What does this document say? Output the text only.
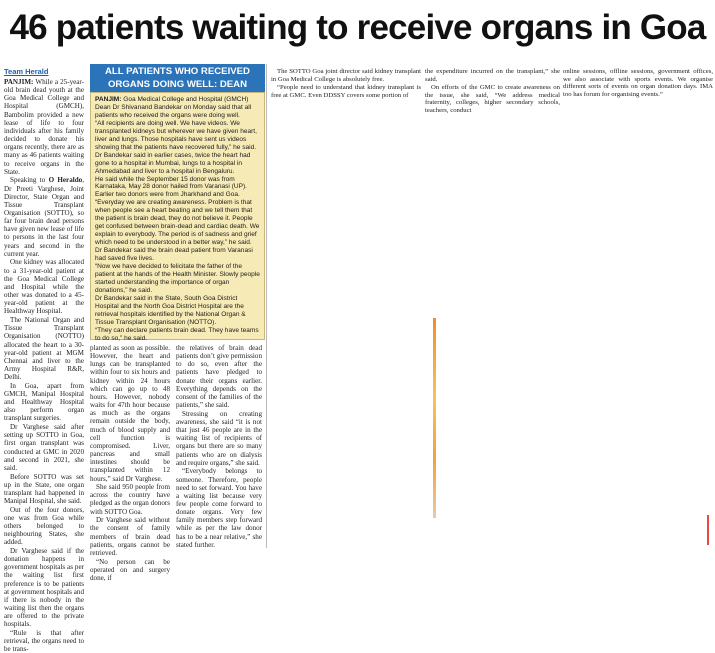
46 patients waiting to receive organs in Goa
Team Herald

PANJIM: While a 25-year-old brain dead youth at the Goa Medical College and Hospital (GMCH), Bambolim provided a new lease of life to four individuals after his family decided to donate his organs recently, there are as many as 46 patients waiting to receive organs in the State.

Speaking to O Heraldo, Dr Preeti Varghese, Joint Director, State Organ and Tissue Transplant Organisation (SOTTO), so far four brain dead persons have given new lease of life to persons in the last four years and second in the current year.

One kidney was allocated to a 31-year-old patient at the Goa Medical College and Hospital while the other was donated to a 45-year-old patient at the Healthway Hospital.

The National Organ and Tissue Transplant Organisation (NOTTO) allocated the heart to a 30-year-old patient at MGM Chennai and liver to the Army Hospital R&R, Delhi.

In Goa, apart from GMCH, Manipal Hospital and Healthway Hospital also perform organ transplant surgeries.

Dr Varghese said after setting up SOTTO in Goa, first organ transplant was conducted at GMC in 2020 and second in 2021, she said.

Before SOTTO was set up in the State, one organ transplant had happened in Manipal Hospital, she said.

Out of the four donors, one was from Goa while others belonged to neighbouring States, she added.

Dr Varghese said if the donation happens in government hospitals as per the waiting list first preference is to be patients at government hospitals and if there is nobody in the waiting list then the organs are offered to the private hospitals.

“Rule is that after retrieval, the organs need to be trans-

ALL PATIENTS WHO RECEIVED ORGANS DOING WELL: DEAN
PANJIM: Goa Medical College and Hospital (GMCH) Dean Dr Shivanand Bandekar on Monday said that all patients who received the organs were doing well.
“All recipients are doing well. We have videos. We transplanted kidneys but wherever we have given heart, liver and lungs. Those hospitals have sent us videos showing that the patients have recovered fully,” he said.
Dr Bandekar said in earlier cases, twice the heart had gone to a hospital in Mumbai, lungs to a hospital in Ahmedabad and liver to a hospital in Bengaluru.
He said while the September 15 donor was from Karnataka, May 28 donor hailed from Varanasi (UP). Earlier two donors were from Jharkhand and Goa.
“Everyday we are creating awareness. Problem is that when people see a heart beating and we tell them that the patient is brain dead, they do not believe it. People get confused between brain-dead and cardiac death. We explain to everybody. The period is of sadness and grief which need to be understood in a better way,” he said.
Dr Bandekar said the brain dead patient from Varanasi had saved five lives.
“Now we have decided to felicitate the father of the patient at the hands of the Health Minister. Slowly people started understanding the importance of organ donations,” he said.
Dr Bandekar said in the State, South Goa District Hospital and the North Goa District Hospital are the retrieval hospitals identified by the National Organ & Tissue Transplant Organisation (NOTTO).
“They can declare patients brain dead. They have teams to do so,” he said.

planted as soon as possible. However, the heart and lungs can be transplanted within four to six hours and kidney within 24 hours which can go up to 48 hours. However, nobody waits for 47th hour because as much as the organs remain outside the body, much of blood supply and cell function is compromised. Liver, pancreas and small intestines should be transplanted within 12 hours,” said Dr Varghese.

She said 950 people from across the country have pledged as the organ donors with SOTTO Goa.

Dr Varghese said without the consent of family members of brain dead patients, organs cannot be retrieved.

“No person can be operated on and surgery done, if

the relatives of brain dead patients don’t give permission to do so, even after the patients have pledged to donate their organs earlier. Everything depends on the consent of the families of the patients,” she said.

Stressing on creating awareness, she said “it is not that just 46 people are in the waiting list of recipients of organs but there are so many patients who are on dialysis and require organs,” she said.

“Everybody belongs to someone. Therefore, people need to set forward. You have a waiting list because very few people come forward to donate organs. Very few family members step forward while as per the law donor has to be a near relative,” she stated further.

The SOTTO Goa joint director said kidney transplant in Goa Medical College is absolutely free.

“People need to understand that kidney transplant is free at GMC. Even DDSSY covers some portion of

the expenditure incurred on the transplant,” she said.

On efforts of the GMC to create awareness on the issue, she said, “We address medical fraternity, colleges, higher secondary schools, teachers, conduct

online sessions, offline sessions, government offices, we also associate with sports events. We organise different sorts of events on organ donation days. IMA too has forum for organising events.”
